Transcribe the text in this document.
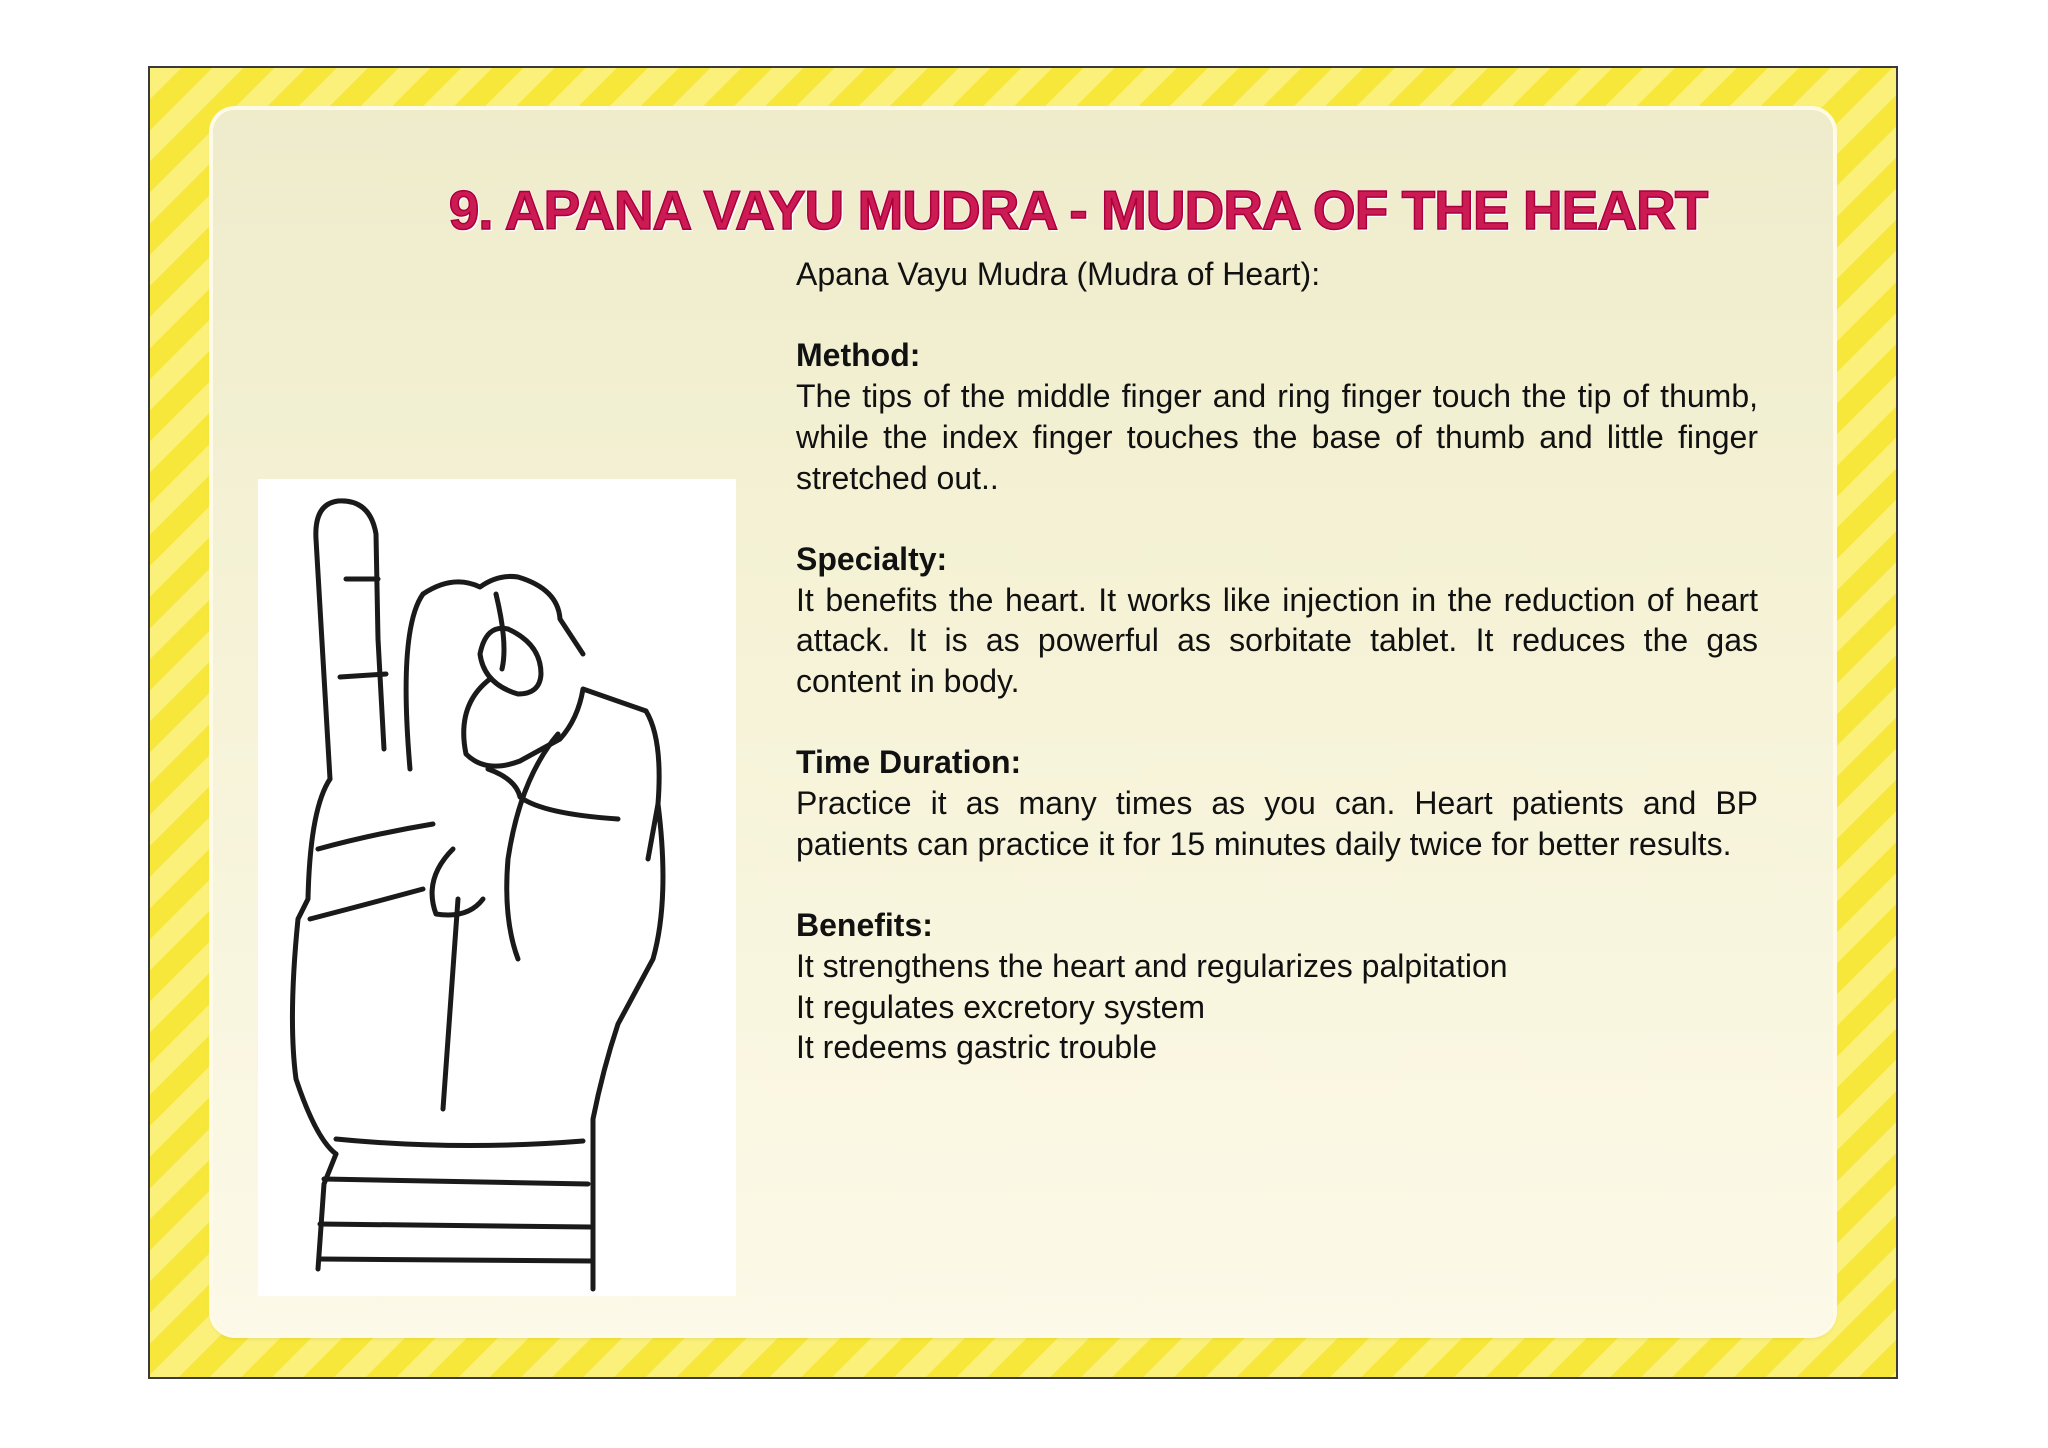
9. APANA VAYU MUDRA - MUDRA OF THE HEART

Apana Vayu Mudra (Mudra of Heart):

Method:

The tips of the middle finger and ring finger touch the tip of thumb, while the index finger touches the base of thumb and little finger stretched out..

Specialty:

It benefits the heart. It works like injection in the reduction of heart attack. It is as powerful as sorbitate tablet. It reduces the gas content in body.

Time Duration:

Practice it as many times as you can. Heart patients and BP patients can practice it for 15 minutes daily twice for better results.

Benefits:

It strengthens the heart and regularizes palpitation

It regulates excretory system

It redeems gastric trouble
